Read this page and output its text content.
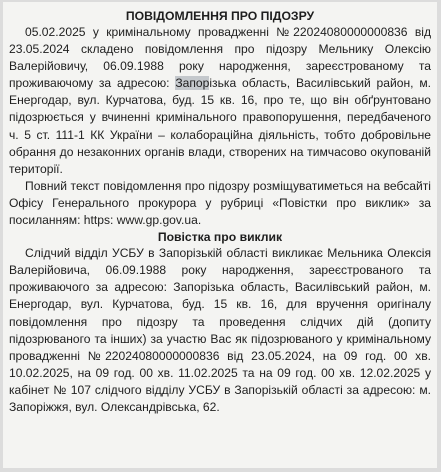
ПОВІДОМЛЕННЯ ПРО ПІДОЗРУ

05.02.2025 у кримінальному провадженні №22024080000000836 від 23.05.2024 складено повідомлення про підозру Мельнику Олексію Валерійовичу, 06.09.1988 року народження, зареєстрованому та проживаючому за адресою: Запорізька область, Василівський район, м. Енергодар, вул. Курчатова, буд. 15 кв. 16, про те, що він обґрунтовано підозрюється у вчиненні кримінального правопорушення, передбаченого ч. 5 ст. 111-1 КК України – колабораційна діяльність, тобто добровільне обрання до незаконних органів влади, створених на тимчасово окупованій території.

Повний текст повідомлення про підозру розміщуватиметься на вебсайті Офісу Генерального прокурора у рубриці «Повістки про виклик» за посиланням: https: www.gp.gov.ua.

Повістка про виклик

Слідчий відділ УСБУ в Запорізькій області викликає Мельника Олексія Валерійовича, 06.09.1988 року народження, зареєстрованого та проживаючого за адресою: Запорізька область, Василівський район, м. Енергодар, вул. Курчатова, буд. 15 кв. 16, для вручення оригіналу повідомлення про підозру та проведення слідчих дій (допиту підозрюваного та інших) за участю Вас як підозрюваного у кримінальному провадженні №22024080000000836 від 23.05.2024, на 09 год. 00 хв. 10.02.2025, на 09 год. 00 хв. 11.02.2025 та на 09 год. 00 хв. 12.02.2025 у кабінет № 107 слідчого відділу УСБУ в Запорізькій області за адресою: м. Запоріжжя, вул. Олександрівська, 62.
